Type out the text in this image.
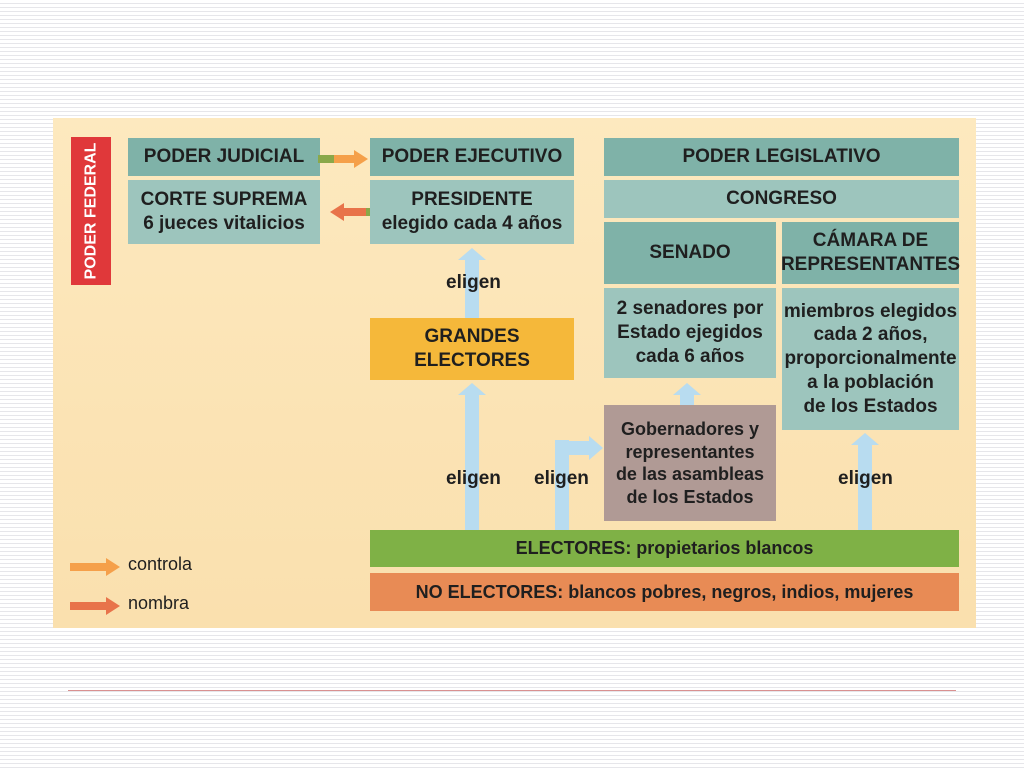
PODER FEDERAL	PODER JUDICIAL
CORTE SUPREMA
6 jueces vitalicios
PODER EJECUTIVO
PRESIDENTE
elegido cada 4 años
PODER LEGISLATIVO
CONGRESO
SENADO
2 senadores por
Estado ejegidos
cada 6 años
CÁMARA DE
REPRESENTANTES
miembros elegidos
cada 2 años,
proporcionalmente
a la población
de los Estados
GRANDES
ELECTORES
Gobernadores y
representantes
de las asambleas
de los Estados
eligen
eligen eligen	eligen
ELECTORES: propietarios blancos
NO ELECTORES: blancos pobres, negros, indios, mujeres
controla
nombra
